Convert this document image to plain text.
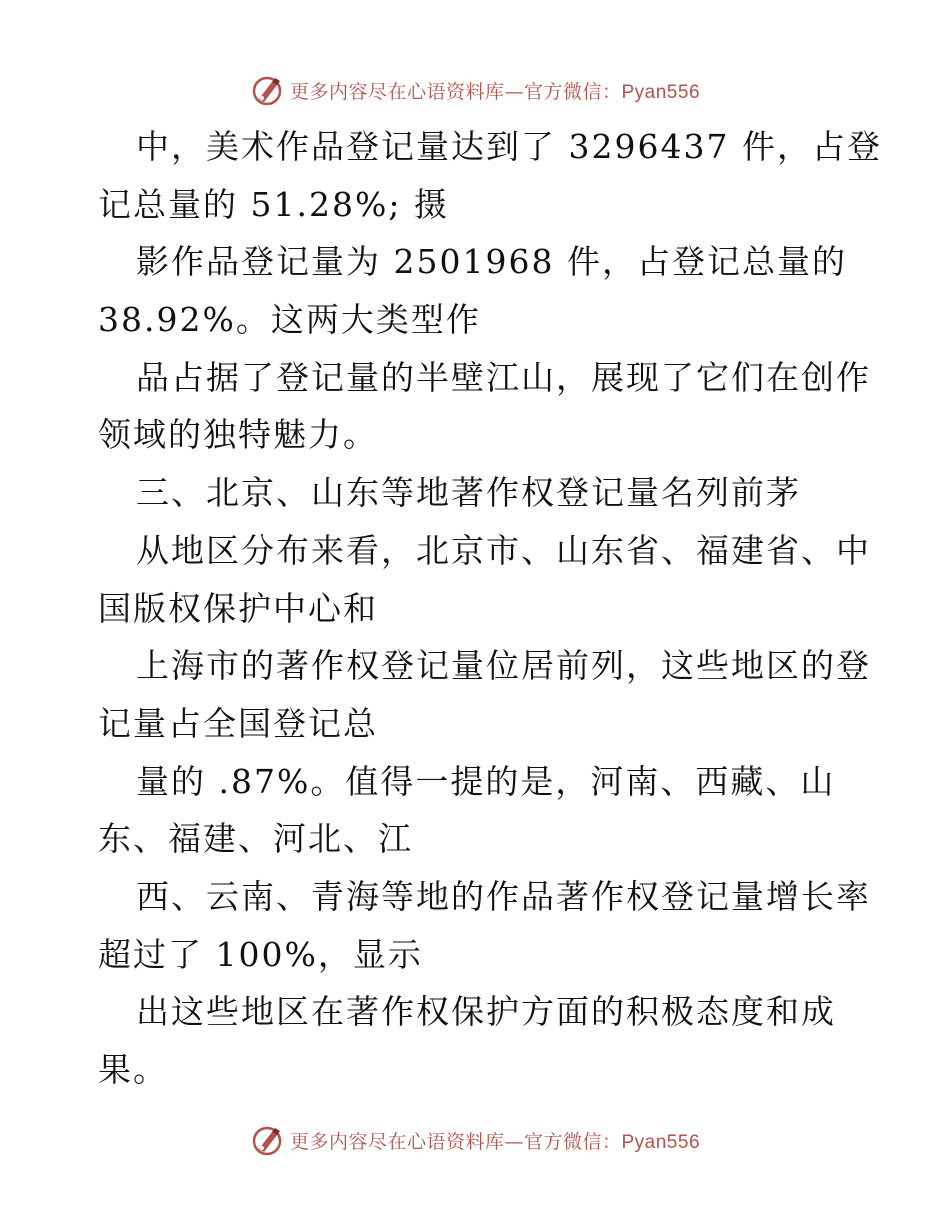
更多内容尽在心语资料库—官方微信：Pyan556
中，美术作品登记量达到了 3296437 件，占登
记总量的 51.28%; 摄
影作品登记量为 2501968 件，占登记总量的
38.92%。这两大类型作
品占据了登记量的半壁江山，展现了它们在创作
领域的独特魅力。
三、北京、山东等地著作权登记量名列前茅
从地区分布来看，北京市、山东省、福建省、中
国版权保护中心和
上海市的著作权登记量位居前列，这些地区的登
记量占全国登记总
量的 .87%。值得一提的是，河南、西藏、山
东、福建、河北、江
西、云南、青海等地的作品著作权登记量增长率
超过了 100%，显示
出这些地区在著作权保护方面的积极态度和成
果。
更多内容尽在心语资料库—官方微信：Pyan556
